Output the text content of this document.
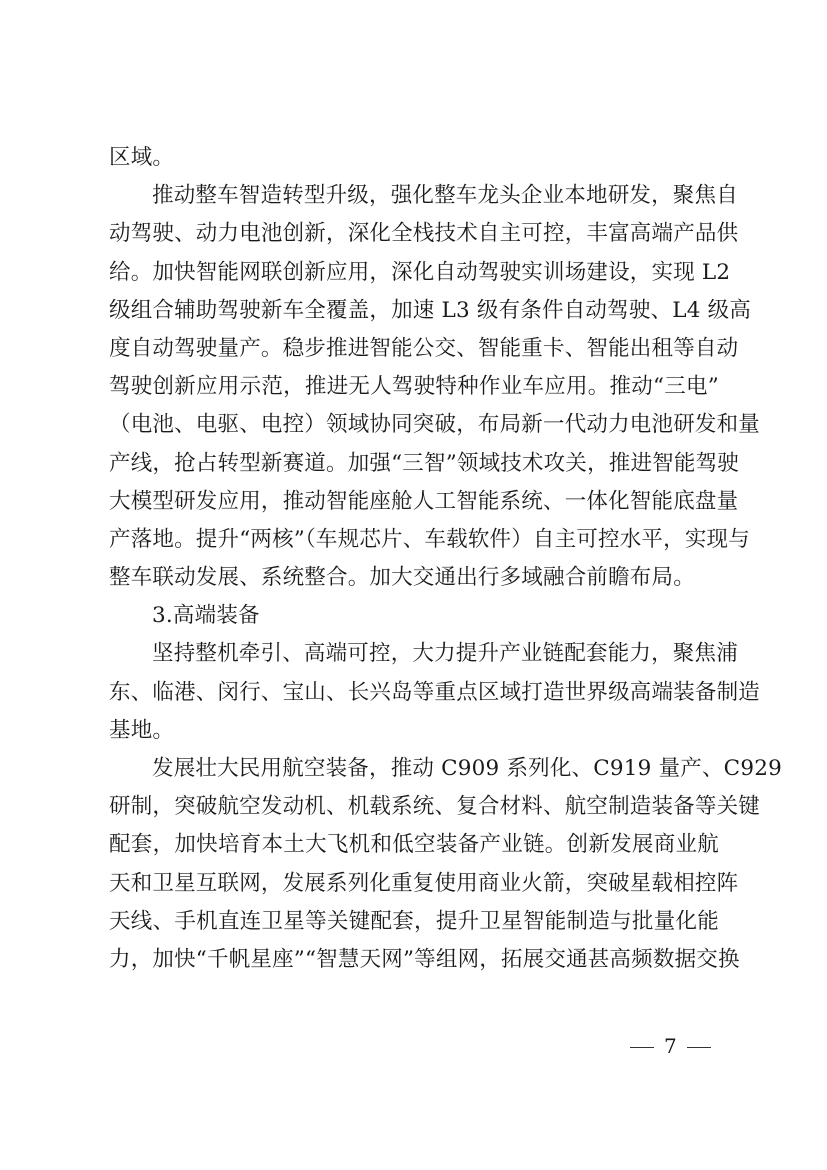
区域。
推动整车智造转型升级，强化整车龙头企业本地研发，聚焦自
动驾驶、动力电池创新，深化全栈技术自主可控，丰富高端产品供
给。加快智能网联创新应用，深化自动驾驶实训场建设，实现 L2
级组合辅助驾驶新车全覆盖，加速 L3 级有条件自动驾驶、L4 级高
度自动驾驶量产。稳步推进智能公交、智能重卡、智能出租等自动
驾驶创新应用示范，推进无人驾驶特种作业车应用。推动“三电”
（电池、电驱、电控）领域协同突破，布局新一代动力电池研发和量
产线，抢占转型新赛道。加强“三智”领域技术攻关，推进智能驾驶
大模型研发应用，推动智能座舱人工智能系统、一体化智能底盘量
产落地。提升“两核”（车规芯片、车载软件）自主可控水平，实现与
整车联动发展、系统整合。加大交通出行多域融合前瞻布局。
3.高端装备
坚持整机牵引、高端可控，大力提升产业链配套能力，聚焦浦
东、临港、闵行、宝山、长兴岛等重点区域打造世界级高端装备制造
基地。
发展壮大民用航空装备，推动 C909 系列化、C919 量产、C929
研制，突破航空发动机、机载系统、复合材料、航空制造装备等关键
配套，加快培育本土大飞机和低空装备产业链。创新发展商业航
天和卫星互联网，发展系列化重复使用商业火箭，突破星载相控阵
天线、手机直连卫星等关键配套，提升卫星智能制造与批量化能
力，加快“千帆星座”“智慧天网”等组网，拓展交通甚高频数据交换
7
